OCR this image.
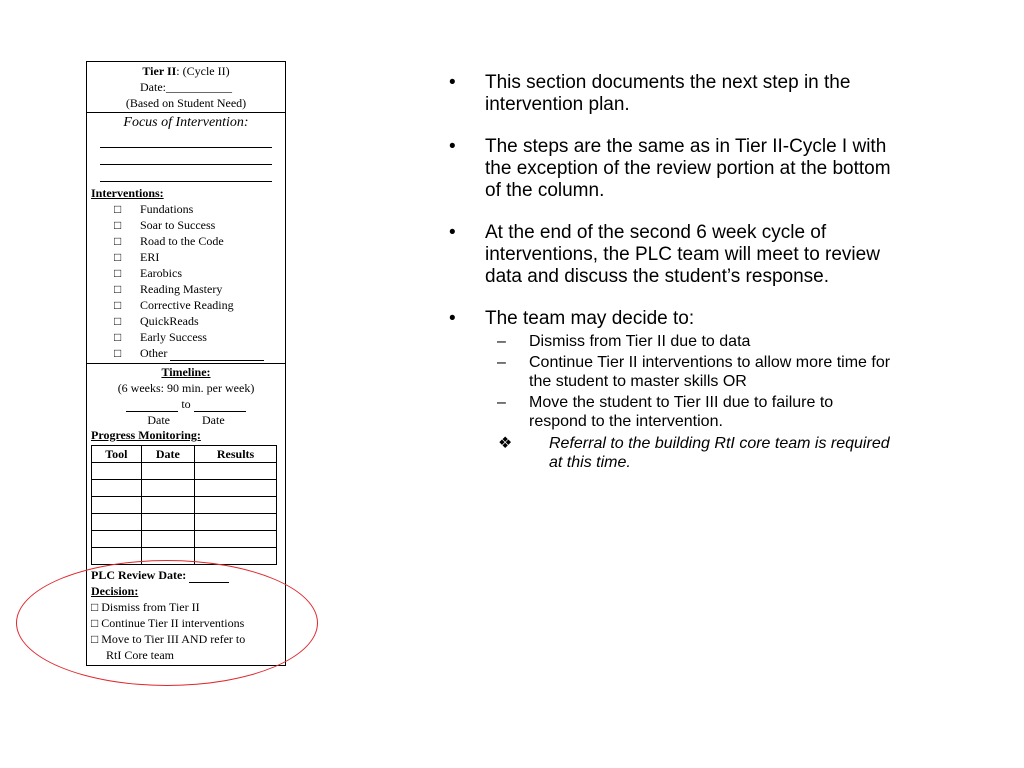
Tier II: (Cycle II)
Date:___________
(Based on Student Need)
Focus of Intervention:
Interventions:
□ Fundations
□ Soar to Success
□ Road to the Code
□ ERI
□ Earobics
□ Reading Mastery
□ Corrective Reading
□ QuickReads
□ Early Success
□ Other
Timeline:
(6 weeks: 90 min. per week)
to
Date	Date
Progress Monitoring:
Tool	Date	Results

PLC Review Date:
Decision:
□ Dismiss from Tier II
□ Continue Tier II interventions
□ Move to Tier III AND refer to
RtI Core team
• This section documents the next step in the intervention plan.
• The steps are the same as in Tier II-Cycle I with the exception of the review portion at the bottom of the column.
• At the end of the second 6 week cycle of interventions, the PLC team will meet to review data and discuss the student’s response.
• The team may decide to:
– Dismiss from Tier II due to data
– Continue Tier II interventions to allow more time for the student to master skills OR
– Move the student to Tier III due to failure to respond to the intervention.
❖ Referral to the building RtI core team is required at this time.
